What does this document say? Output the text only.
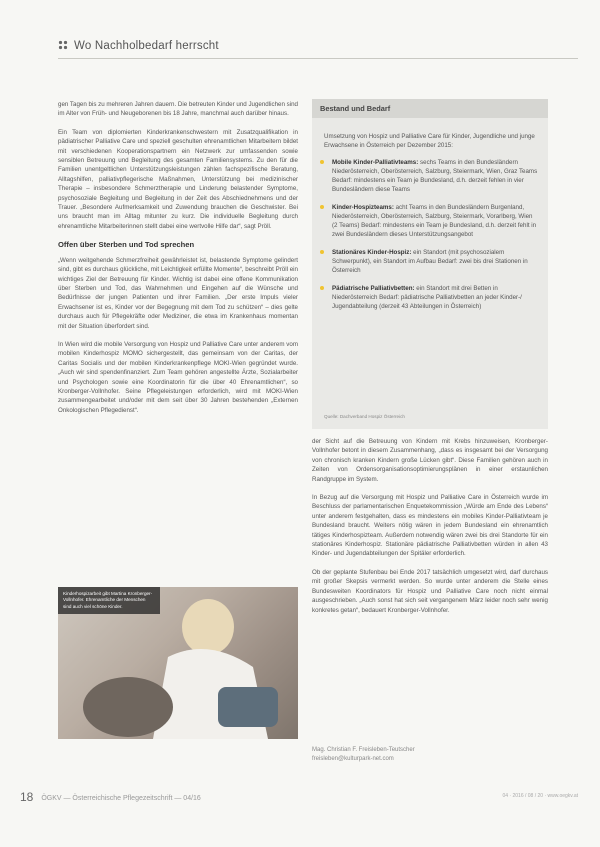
Wo Nachholbedarf herrscht

gen Tagen bis zu mehreren Jahren dauern. Die betreuten Kinder und Jugendlichen sind im Alter von Früh- und Neugeborenen bis 18 Jahre, manchmal auch darüber hinaus.

Ein Team von diplomierten Kinderkrankenschwestern mit Zusatzqualifikation in pädiatrischer Palliative Care und speziell geschulten ehrenamtlichen Mitarbeitern bildet mit verschiedenen Kooperationspartnern ein Netzwerk zur umfassenden sowie sensiblen Betreuung und Begleitung des gesamten Familiensystems. Zu den für die Familien unentgeltlichen Unterstützungsleistungen zählen fachspezifische Beratung, Alltagshilfen, palliativpflegerische Maßnahmen, Unterstützung bei medizinischer Therapie – insbesondere Schmerztherapie und Linderung belastender Symptome, psychosoziale Begleitung und Begleitung in der Zeit des Abschiednehmens und der Trauer. „Besondere Aufmerksamkeit und Zuwendung brauchen die Geschwister. Bei uns braucht man im Alltag mitunter zu kurz. Die individuelle Begleitung durch ehrenamtliche Mitarbeiterinnen stellt dabei eine wertvolle Hilfe dar“, sagt Pröll.

Offen über Sterben und Tod sprechen

„Wenn weitgehende Schmerzfreiheit gewährleistet ist, belastende Symptome gelindert sind, gibt es durchaus glückliche, mit Leichtigkeit erfüllte Momente“, beschreibt Pröll ein wichtiges Ziel der Betreuung für Kinder. Wichtig ist dabei eine offene Kommunikation über Sterben und Tod, das Wahrnehmen und Eingehen auf die Wünsche und Bedürfnisse der jungen Patienten und ihrer Familien. „Der erste Impuls vieler Erwachsener ist es, Kinder vor der Begegnung mit dem Tod zu schützen“ – dies gelte durchaus auch für Pflegekräfte oder Mediziner, die etwa im Krankenhaus momentan mit der Situation überfordert sind.

In Wien wird die mobile Versorgung von Hospiz und Palliative Care unter anderem vom mobilen Kinderhospiz MOMO sichergestellt, das gemeinsam von der Caritas, der Caritas Socialis und der mobilen Kinderkrankenpflege MOKI-Wien gegründet wurde. „Auch wir sind spendenfinanziert. Zum Team gehören angestellte Ärzte, Sozialarbeiter und Psychologen sowie eine Koordinatorin für die über 40 Ehrenamtlichen“, so Kronberger-Vollnhofer. Seine Pflegeleistungen erforderlich, wird mit MOKI-Wien zusammengearbeitet und/oder mit dem seit über 30 Jahren bestehenden „Externen Onkologischen Pflegedienst“.

Kinderhospizarbeit gibt Martina Kronberger-Vollnhofer. Ehrenamtliche der Menschen sind auch viel schöne Kinder.
Bestand und Bedarf
Umsetzung von Hospiz und Palliative Care für Kinder, Jugendliche und junge Erwachsene in Österreich per Dezember 2015:
Mobile Kinder-Palliativteams: sechs Teams in den Bundesländern Niederösterreich, Oberösterreich, Salzburg, Steiermark, Wien, Graz Teams Bedarf: mindestens ein Team je Bundesland, d.h. derzeit fehlen in vier Bundesländern diese Teams
Kinder-Hospizteams: acht Teams in den Bundesländern Burgenland, Niederösterreich, Oberösterreich, Salzburg, Steiermark, Vorarlberg, Wien (2 Teams) Bedarf: mindestens ein Team je Bundesland, d.h. derzeit fehlt in zwei Bundesländern dieses Unterstützungsangebot
Stationäres Kinder-Hospiz: ein Standort (mit psychosozialem Schwerpunkt), ein Standort im Aufbau Bedarf: zwei bis drei Stationen in Österreich
Pädiatrische Palliativbetten: ein Standort mit drei Betten in Niederösterreich Bedarf: pädiatrische Palliativbetten an jeder Kinder-/ Jugendabteilung (derzeit 43 Abteilungen in Österreich)
Quelle: Dachverband Hospiz Österreich

der Sicht auf die Betreuung von Kindern mit Krebs hinzuweisen, Kronberger-Vollnhofer betont in diesem Zusammenhang, „dass es insgesamt bei der Versorgung von chronisch kranken Kindern große Lücken gibt“. Diese Familien gehören auch in Zeiten von Ordensorganisationsoptimierungsplänen in einer erstaunlichen Randgruppe im System.

In Bezug auf die Versorgung mit Hospiz und Palliative Care in Österreich wurde im Beschluss der parlamentarischen Enquetekommission „Würde am Ende des Lebens“ unter anderem festgehalten, dass es mindestens ein mobiles Kinder-Palliativteam je Bundesland braucht. Weiters nötig wären in jedem Bundesland ein ehrenamtlich tätiges Kinderhospizteam. Außerdem notwendig wären zwei bis drei Standorte für ein stationäres Kinderhospiz. Stationäre pädiatrische Palliativbetten würden in allen 43 Kinder- und Jugendabteilungen der Spitäler erforderlich.

Ob der geplante Stufenbau bei Ende 2017 tatsächlich umgesetzt wird, darf durchaus mit großer Skepsis vermerkt werden. So wurde unter anderem die Stelle eines Bundesweiten Koordinators für Hospiz und Palliative Care noch nicht einmal ausgeschrieben. „Auch sonst hat sich seit vergangenem März leider noch sehr wenig konkretes getan“, bedauert Kronberger-Vollnhofer.

Mag. Christian F. Freisleben-Teutscher
freisleben@kulturpark-net.com
18 ÖGKV — Österreichische Pflegezeitschrift — 04/16	04 · 2016 / 08 / 20 · www.oegkv.at
